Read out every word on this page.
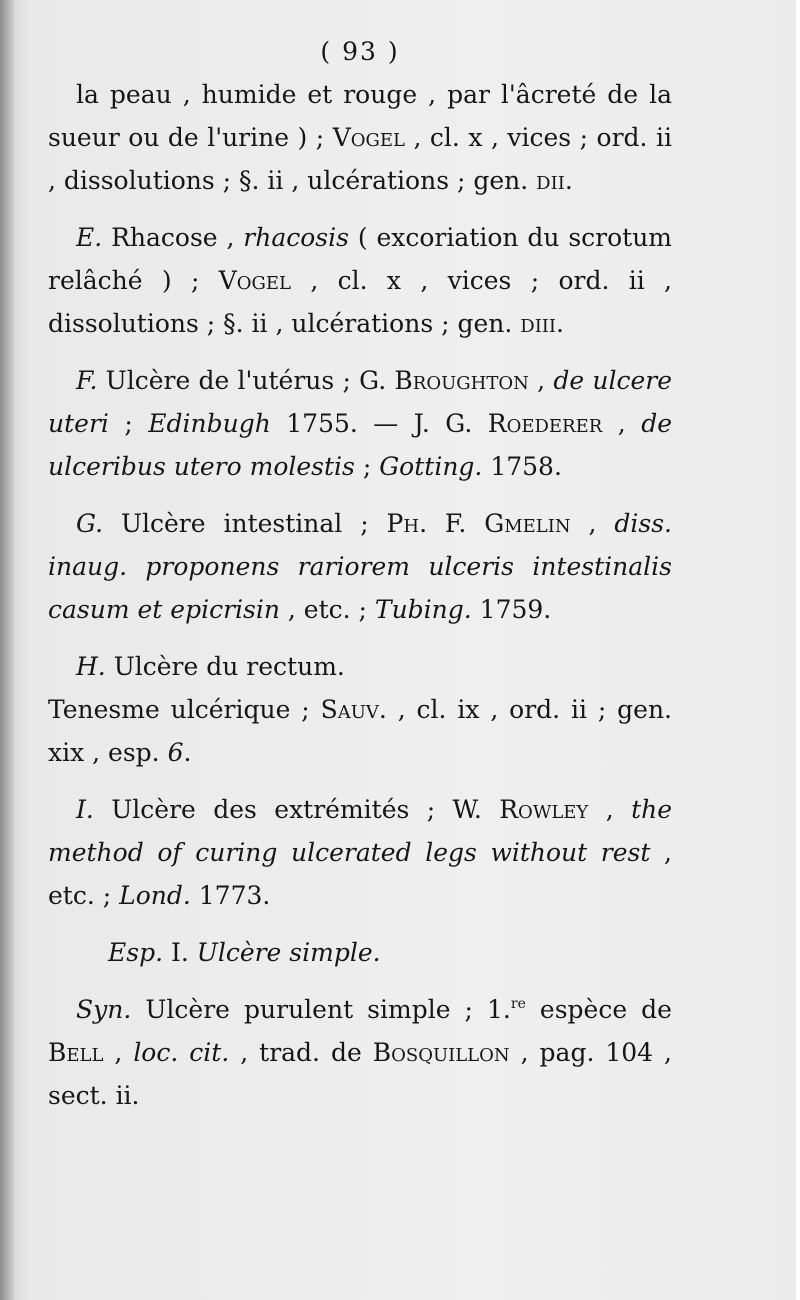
( 93 )

la peau , humide et rouge , par l'âcreté de la sueur ou de l'urine ) ; Vogel , cl. x , vices ; ord. ii , dissolutions ; §. ii , ulcérations ; gen. dii.

E. Rhacose , rhacosis ( excoriation du scrotum relâché ) ; Vogel , cl. x , vices ; ord. ii , dissolutions ; §. ii , ulcérations ; gen. diii.

F. Ulcère de l'utérus ; G. Broughton , de ulcere uteri ; Edinbugh 1755. — J. G. Roederer , de ulceribus utero molestis ; Gotting. 1758.

G. Ulcère intestinal ; Ph. F. Gmelin , diss. inaug. proponens rariorem ulceris intestinalis casum et epicrisin , etc. ; Tubing. 1759.

H. Ulcère du rectum.

Tenesme ulcérique ; Sauv. , cl. ix , ord. ii ; gen. xix , esp. 6.

I. Ulcère des extrémités ; W. Rowley , the method of curing ulcerated legs without rest , etc. ; Lond. 1773.

Esp. I. Ulcère simple.

Syn. Ulcère purulent simple ; 1.$^{re}$ espèce de Bell , loc. cit. , trad. de Bosquillon , pag. 104 , sect. ii.
